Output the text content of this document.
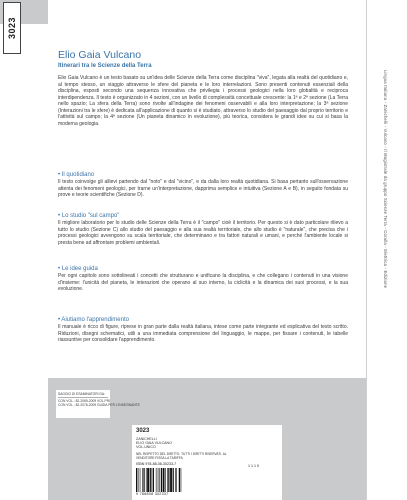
3023
Elio Gaia Vulcano
Itinerari tra le Scienze della Terra

Elio Gaia Vulcano è un testo basato su un'idea delle Scienze della Terra come disciplina "viva", legata alla realtà del quotidiano e, al tempo stesso, un viaggio attraverso le sfere del pianeta e le loro interrelazioni. Sono presenti contenuti essenziali della disciplina, esposti secondo una sequenza innovativa che privilegia i processi geologici nella loro globalità e reciproca interdipendenza. Il testo è organizzato in 4 sezioni, con un livello di complessità concettuale crescente: la 1ª e 2ª sezione (La Terra nello spazio; La sfera della Terra) sono rivolte all'indagine dei fenomeni osservabili e alla loro interpretazione; la 3ª sezione (Interazioni tra le sfere) è dedicata all'applicazione di quanto si è studiato, attraverso lo studio del paesaggio dal proprio territorio e l'attività sul campo; la 4ª sezione (Un pianeta dinamico in evoluzione), più teorica, considera le grandi idee su cui si basa la moderna geologia.

• Il quotidiano

Il testo coinvolge gli allievi partendo dal "noto" e dal "vicino", e da dalla loro realtà quotidiana. Si basa pertanto sull'osservazione attenta dei fenomeni geologici, per trarne un'interpretazione, dapprima semplice e intuitiva (Sezione A e B), in seguito fondata su prove e teorie scientifiche (Sezione D).

• Lo studio "sul campo"

Il migliore laboratorio per lo studio delle Scienze della Terra è il "campo" cioè il territorio. Per questo si è dato particolare rilievo a tutto lo studio (Sezione C) allo studio del paesaggio e alla sua realtà territoriale, che allo studio è "naturale", che precisa che i processi geologici avvengono su scala territoriale, che determinano e tra fattori naturali e umani, e perché l'ambiente locale si presta bene ad affrontare problemi ambientali.

• Le idee guida

Per ogni capitolo sono sottolineati i concetti che strutturano e unificano la disciplina, e che collegano i contenuti in una visione d'insieme: l'unicità del pianeta, le interazioni che operano al suo interno, la ciclicità e la dinamica dei suoi processi, e la sua evoluzione.

• Aiutiamo l'apprendimento

Il manuale è ricco di figure, riprese in gran parte dalla realtà italiana, intese come parte integrante ed esplicativa del testo scritto. Riduzioni, disegni schematici, utili a una immediata comprensione del linguaggio, le mappe, per fissare i contenuti, le tabelle riassuntive per consolidare l'apprendimento.

SAGGIO DI ESAMINATORI DA:
CON VOL.: 82-2069-2009 VOL.PRI
CON VOL.: 82-2076-2009 GUIDA PER L'INSEGNANTE
3023
ZANICHELLI
ELIO GAIA VULCANO
VOL.UNICO
NEL RISPETTO DEL DIRITTO. TUTTI I DIRITTI RISERVATI. AL VENDITORE FISSA LA TARIFFA
ISBN 978-88-08-30233-7	1 1 1 0
9 788808 302337
Lingua Italiana - Zanichelli - Vulcano - Il Magistrale da gruppo Scienze Terra - Coralla - Elettrica - Edizione
